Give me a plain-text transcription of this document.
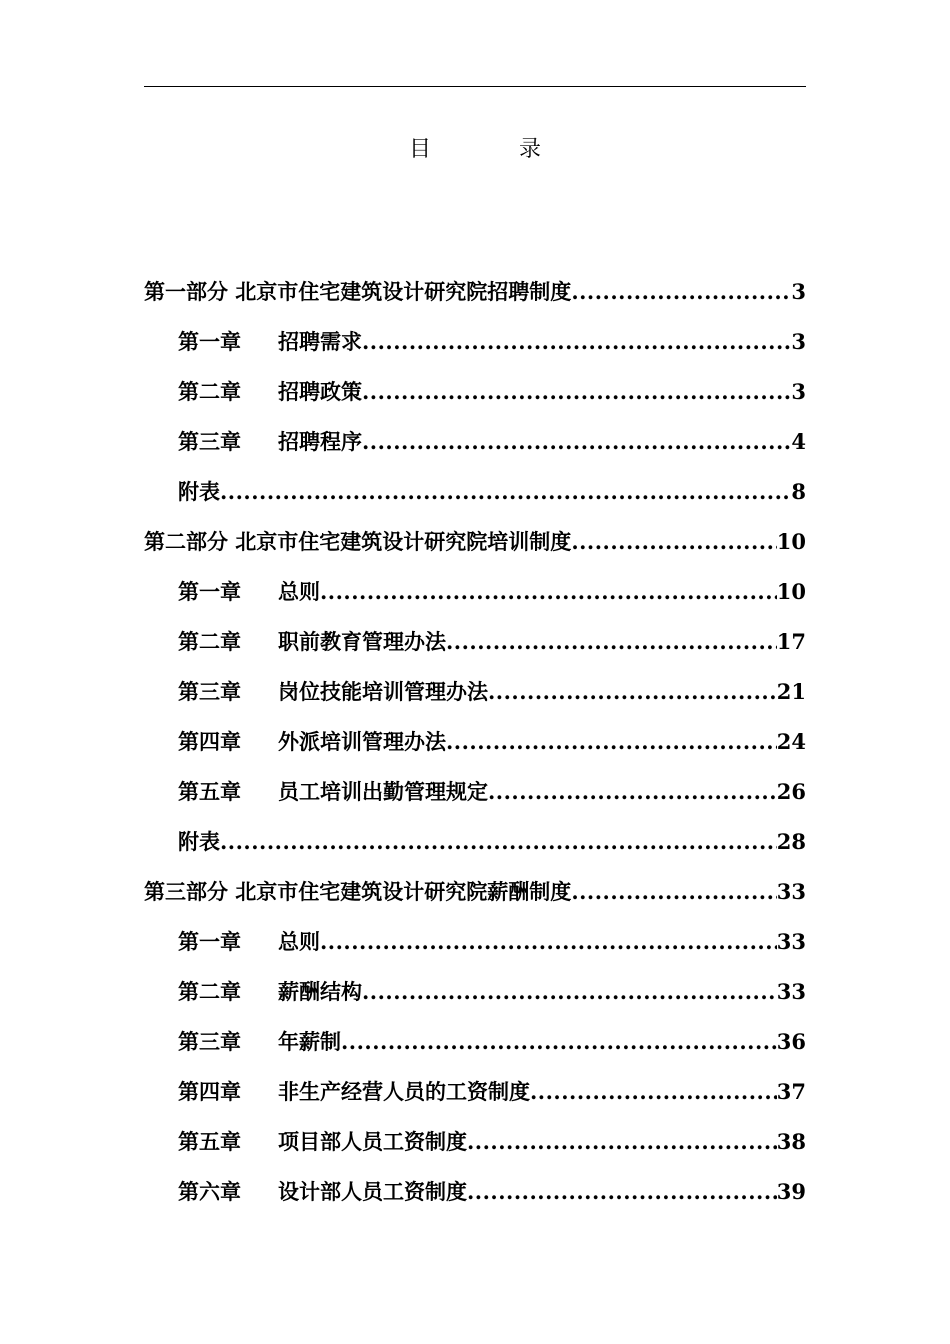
目	录
第一部分 北京市住宅建筑设计研究院招聘制度 .....	3
第一章 招聘需求 .....	3
第二章 招聘政策 .....	3
第三章 招聘程序 .....	4
附表 .....	8
第二部分 北京市住宅建筑设计研究院培训制度 .....	10
第一章 总则 .....	10
第二章 职前教育管理办法 .....	17
第三章 岗位技能培训管理办法 .....	21
第四章 外派培训管理办法 .....	24
第五章 员工培训出勤管理规定 .....	26
附表 .....	28
第三部分 北京市住宅建筑设计研究院薪酬制度 .....	33
第一章 总则 .....	33
第二章 薪酬结构 .....	33
第三章 年薪制 .....	36
第四章 非生产经营人员的工资制度 .....	37
第五章 项目部人员工资制度 .....	38
第六章 设计部人员工资制度 .....	39
